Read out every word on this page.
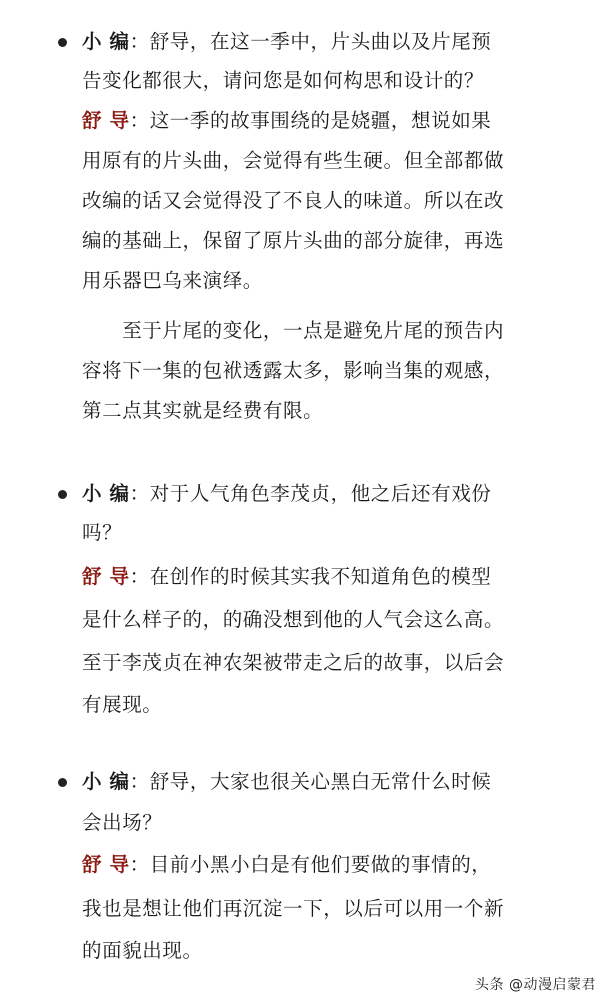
小 编：舒导，在这一季中，片头曲以及片尾预
告变化都很大，请问您是如何构思和设计的？
舒 导：这一季的故事围绕的是娆疆，想说如果
用原有的片头曲，会觉得有些生硬。但全部都做
改编的话又会觉得没了不良人的味道。所以在改
编的基础上，保留了原片头曲的部分旋律，再选
用乐器巴乌来演绎。
　　至于片尾的变化，一点是避免片尾的预告内
容将下一集的包袱透露太多，影响当集的观感，
第二点其实就是经费有限。
小 编：对于人气角色李茂贞，他之后还有戏份
吗？
舒 导：在创作的时候其实我不知道角色的模型
是什么样子的，的确没想到他的人气会这么高。
至于李茂贞在神农架被带走之后的故事，以后会
有展现。
小 编：舒导，大家也很关心黑白无常什么时候
会出场？
舒 导：目前小黑小白是有他们要做的事情的，
我也是想让他们再沉淀一下，以后可以用一个新
的面貌出现。
头条 @动漫启蒙君
